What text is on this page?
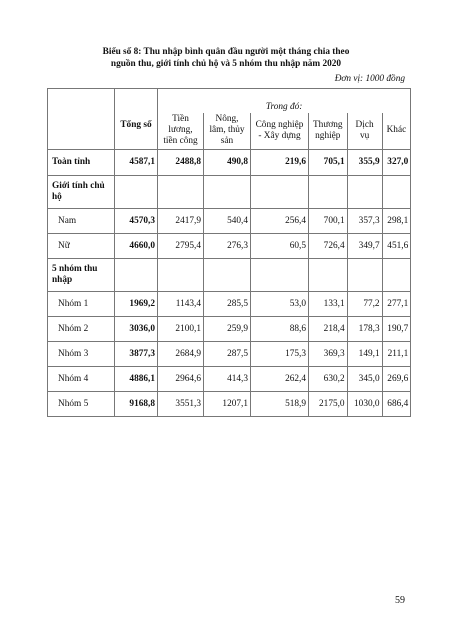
Biểu số 8: Thu nhập bình quân đầu người một tháng chia theo
nguồn thu, giới tính chủ hộ và 5 nhóm thu nhập năm 2020
Đơn vị: 1000 đồng
	Tổng số	Trong đó:					
		Tiền lương, tiền công	Nông, lâm, thủy sản	Công nghiệp - Xây dựng	Thương nghiệp	Dịch vụ	Khác
Toàn tỉnh	4587,1	2488,8	490,8	219,6	705,1	355,9	327,0
Giới tính chủ hộ							
Nam	4570,3	2417,9	540,4	256,4	700,1	357,3	298,1
Nữ	4660,0	2795,4	276,3	60,5	726,4	349,7	451,6
5 nhóm thu nhập							
Nhóm 1	1969,2	1143,4	285,5	53,0	133,1	77,2	277,1
Nhóm 2	3036,0	2100,1	259,9	88,6	218,4	178,3	190,7
Nhóm 3	3877,3	2684,9	287,5	175,3	369,3	149,1	211,1
Nhóm 4	4886,1	2964,6	414,3	262,4	630,2	345,0	269,6
Nhóm 5	9168,8	3551,3	1207,1	518,9	2175,0	1030,0	686,4
59
